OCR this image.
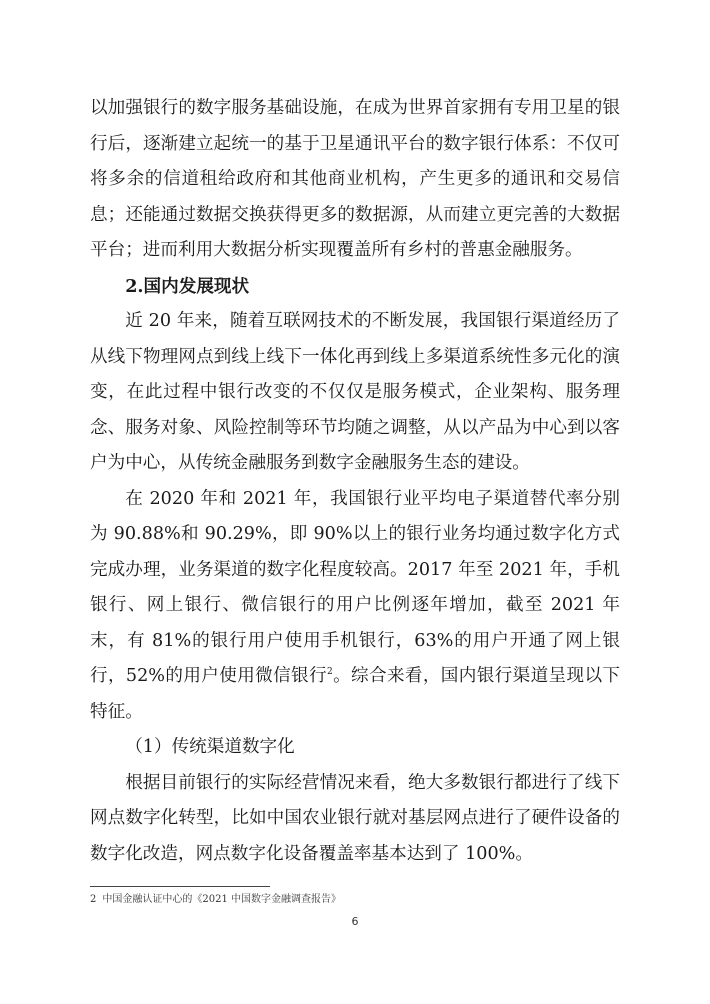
以加强银行的数字服务基础设施，在成为世界首家拥有专用卫星的银行后，逐渐建立起统一的基于卫星通讯平台的数字银行体系：不仅可将多余的信道租给政府和其他商业机构，产生更多的通讯和交易信息；还能通过数据交换获得更多的数据源，从而建立更完善的大数据平台；进而利用大数据分析实现覆盖所有乡村的普惠金融服务。

2.国内发展现状

近 20 年来，随着互联网技术的不断发展，我国银行渠道经历了从线下物理网点到线上线下一体化再到线上多渠道系统性多元化的演变，在此过程中银行改变的不仅仅是服务模式，企业架构、服务理念、服务对象、风险控制等环节均随之调整，从以产品为中心到以客户为中心，从传统金融服务到数字金融服务生态的建设。

在 2020 年和 2021 年，我国银行业平均电子渠道替代率分别为 90.88%和 90.29%，即 90%以上的银行业务均通过数字化方式完成办理，业务渠道的数字化程度较高。2017 年至 2021 年，手机银行、网上银行、微信银行的用户比例逐年增加，截至 2021 年末，有 81%的银行用户使用手机银行，63%的用户开通了网上银行，52%的用户使用微信银行$^2$。综合来看，国内银行渠道呈现以下特征。

（1）传统渠道数字化

根据目前银行的实际经营情况来看，绝大多数银行都进行了线下网点数字化转型，比如中国农业银行就对基层网点进行了硬件设备的数字化改造，网点数字化设备覆盖率基本达到了 100%。

2 中国金融认证中心的《2021 中国数字金融调查报告》
6
